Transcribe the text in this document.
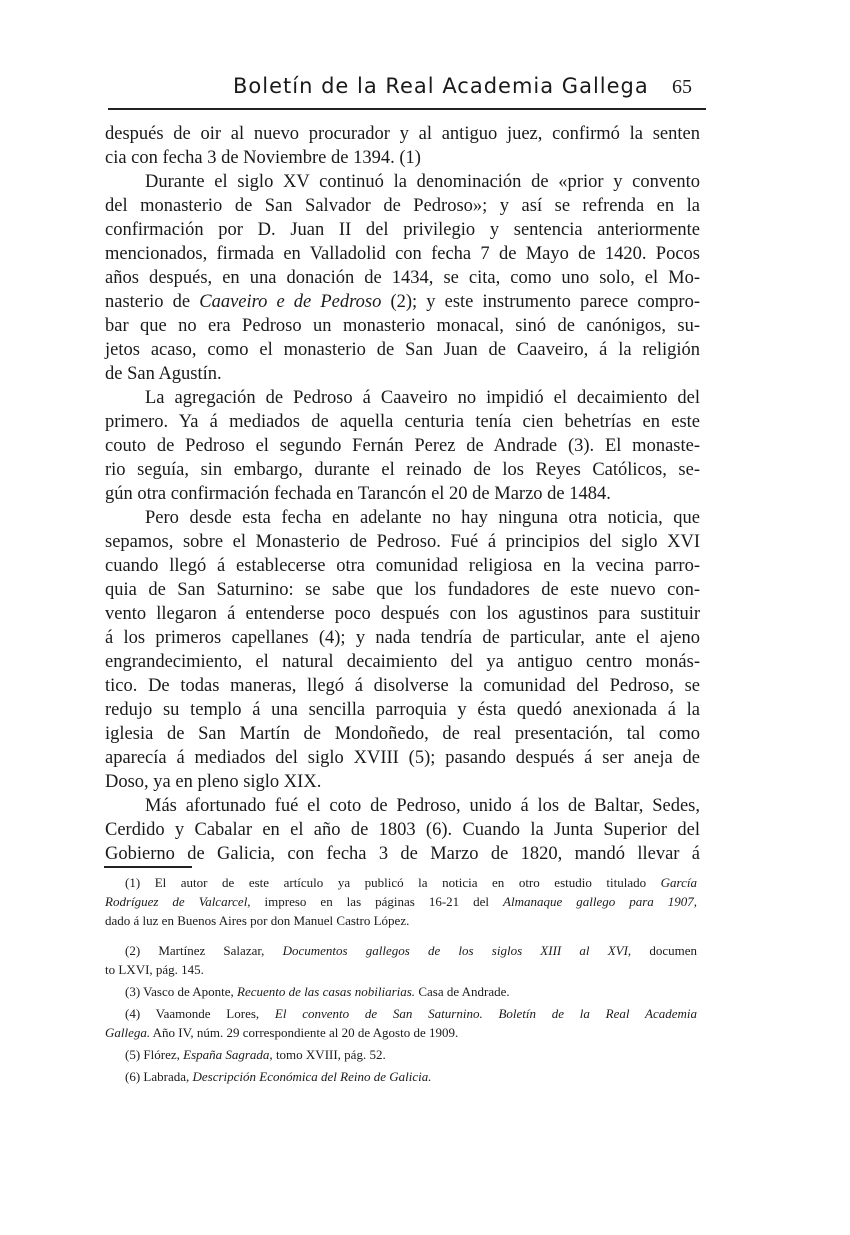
Boletín de la Real Academia Gallega 65
después de oir al nuevo procurador y al antiguo juez, confirmó la senten
cia con fecha 3 de Noviembre de 1394. (1)
Durante el siglo XV continuó la denominación de «prior y convento
del monasterio de San Salvador de Pedroso»; y así se refrenda en la
confirmación por D. Juan II del privilegio y sentencia anteriormente
mencionados, firmada en Valladolid con fecha 7 de Mayo de 1420. Pocos
años después, en una donación de 1434, se cita, como uno solo, el Mo-
nasterio de Caaveiro e de Pedroso (2); y este instrumento parece compro-
bar que no era Pedroso un monasterio monacal, sinó de canónigos, su-
jetos acaso, como el monasterio de San Juan de Caaveiro, á la religión
de San Agustín.
La agregación de Pedroso á Caaveiro no impidió el decaimiento del
primero. Ya á mediados de aquella centuria tenía cien behetrías en este
couto de Pedroso el segundo Fernán Perez de Andrade (3). El monaste-
rio seguía, sin embargo, durante el reinado de los Reyes Católicos, se-
gún otra confirmación fechada en Tarancón el 20 de Marzo de 1484.
Pero desde esta fecha en adelante no hay ninguna otra noticia, que
sepamos, sobre el Monasterio de Pedroso. Fué á principios del siglo XVI
cuando llegó á establecerse otra comunidad religiosa en la vecina parro-
quia de San Saturnino: se sabe que los fundadores de este nuevo con-
vento llegaron á entenderse poco después con los agustinos para sustituir
á los primeros capellanes (4); y nada tendría de particular, ante el ajeno
engrandecimiento, el natural decaimiento del ya antiguo centro monás-
tico. De todas maneras, llegó á disolverse la comunidad del Pedroso, se
redujo su templo á una sencilla parroquia y ésta quedó anexionada á la
iglesia de San Martín de Mondoñedo, de real presentación, tal como
aparecía á mediados del siglo XVIII (5); pasando después á ser aneja de
Doso, ya en pleno siglo XIX.
Más afortunado fué el coto de Pedroso, unido á los de Baltar, Sedes,
Cerdido y Cabalar en el año de 1803 (6). Cuando la Junta Superior del
Gobierno de Galicia, con fecha 3 de Marzo de 1820, mandó llevar á
(1) El autor de este artículo ya publicó la noticia en otro estudio titulado García
Rodríguez de Valcarcel, impreso en las páginas 16-21 del Almanaque gallego para 1907,
dado á luz en Buenos Aires por don Manuel Castro López.
(2) Martínez Salazar, Documentos gallegos de los siglos XIII al XVI, documen
to LXVI, pág. 145.
(3) Vasco de Aponte, Recuento de las casas nobiliarias. Casa de Andrade.
(4) Vaamonde Lores, El convento de San Saturnino. Boletín de la Real Academia
Gallega. Año IV, núm. 29 correspondiente al 20 de Agosto de 1909.
(5) Flórez, España Sagrada, tomo XVIII, pág. 52.
(6) Labrada, Descripción Económica del Reino de Galicia.
